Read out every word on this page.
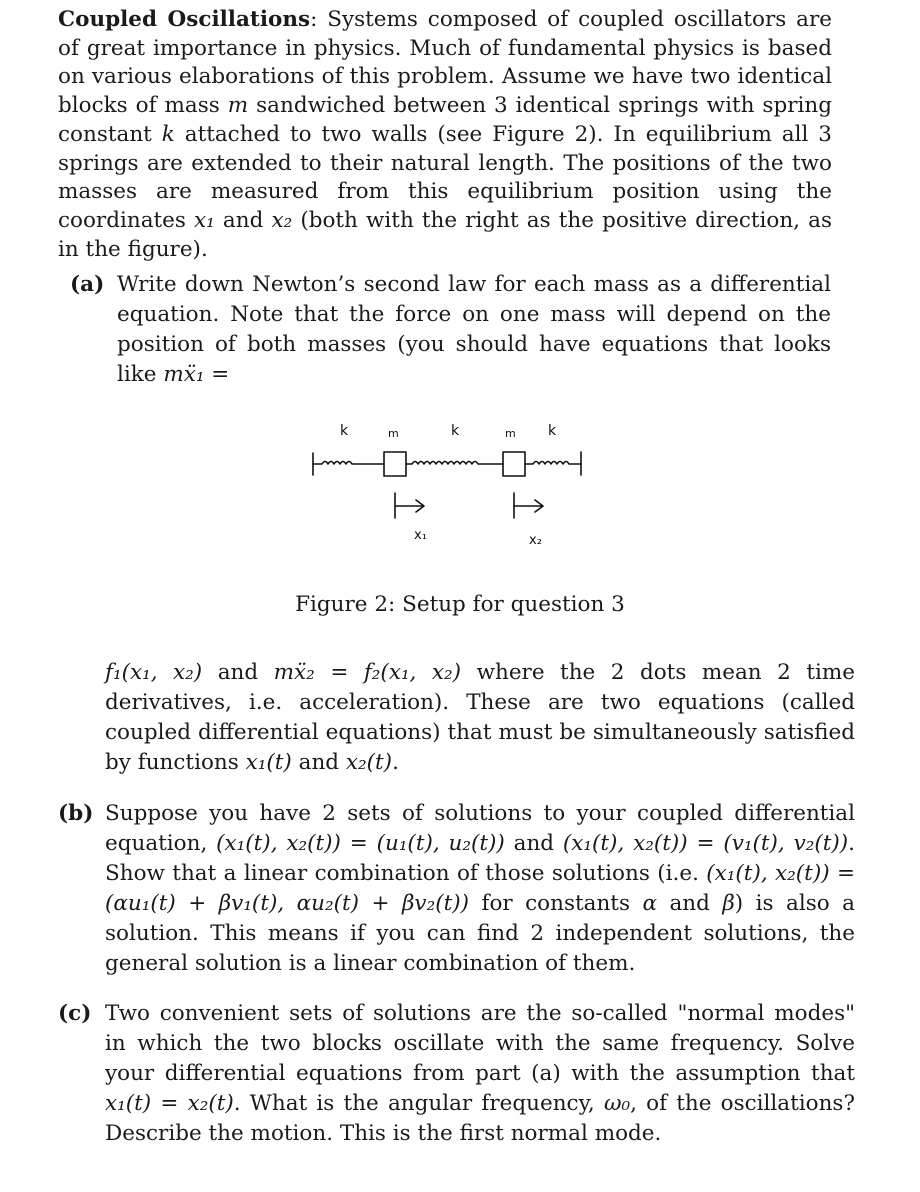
Coupled Oscillations: Systems composed of coupled oscillators are of great importance in physics. Much of fundamental physics is based on various elaborations of this problem. Assume we have two identical blocks of mass m sandwiched between 3 identical springs with spring constant k attached to two walls (see Figure 2). In equilibrium all 3 springs are extended to their natural length. The positions of the two masses are measured from this equilibrium position using the coordinates x₁ and x₂ (both with the right as the positive direction, as in the figure).

(a) Write down Newton’s second law for each mass as a differential equation. Note that the force on one mass will depend on the position of both masses (you should have equations that looks like mẍ₁ =

k	m	k	m k
x₁	x₂
Figure 2: Setup for question 3

f₁(x₁, x₂) and mẍ₂ = f₂(x₁, x₂) where the 2 dots mean 2 time derivatives, i.e. acceleration). These are two equations (called coupled differential equations) that must be simultaneously satisfied by functions x₁(t) and x₂(t).

(b) Suppose you have 2 sets of solutions to your coupled differential equation, (x₁(t), x₂(t)) = (u₁(t), u₂(t)) and (x₁(t), x₂(t)) = (v₁(t), v₂(t)). Show that a linear combination of those solutions (i.e. (x₁(t), x₂(t)) = (αu₁(t) + βv₁(t), αu₂(t) + βv₂(t)) for constants α and β) is also a solution. This means if you can find 2 independent solutions, the general solution is a linear combination of them.

(c) Two convenient sets of solutions are the so-called "normal modes" in which the two blocks oscillate with the same frequency. Solve your differential equations from part (a) with the assumption that x₁(t) = x₂(t). What is the angular frequency, ω₀, of the oscillations? Describe the motion. This is the first normal mode.
